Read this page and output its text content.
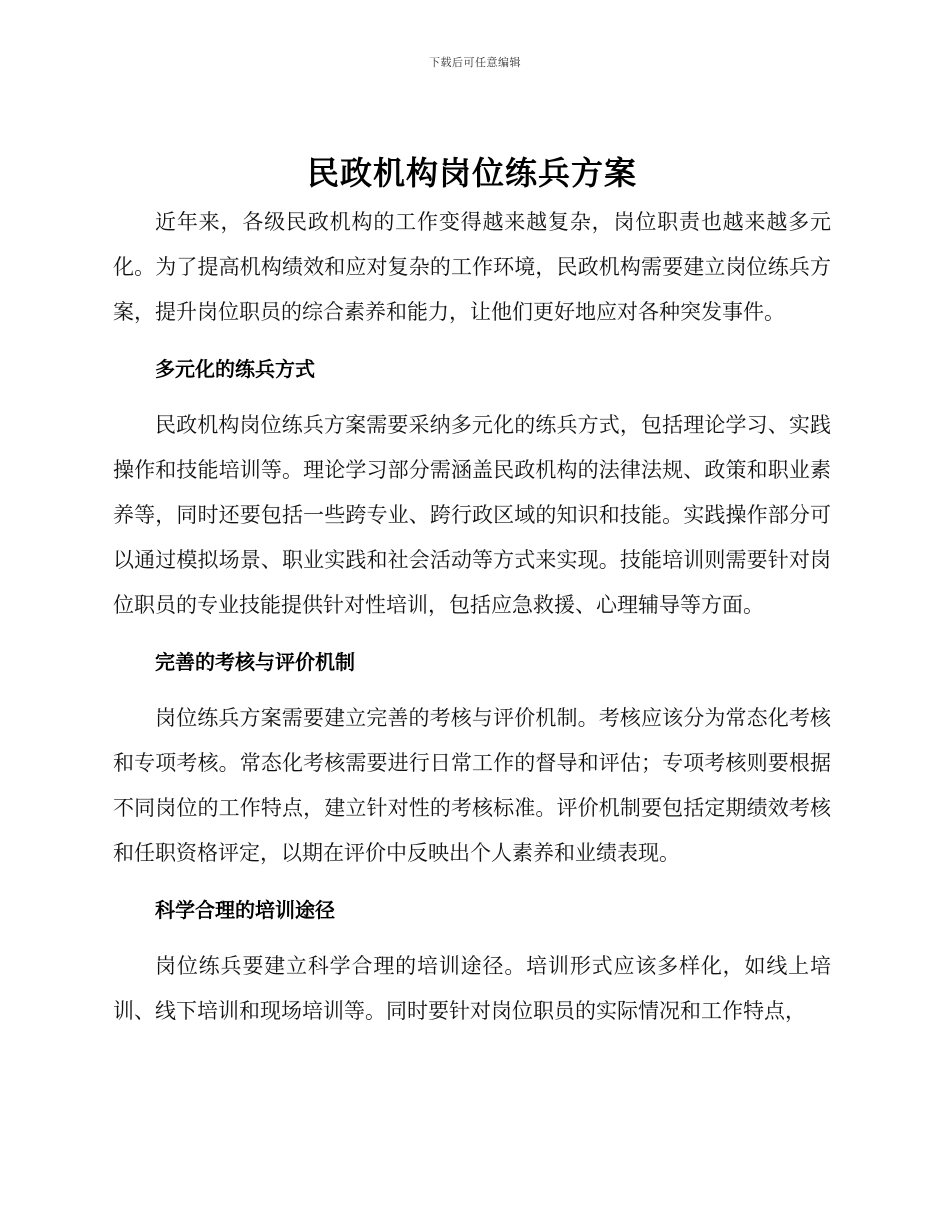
下载后可任意编辑
民政机构岗位练兵方案

近年来，各级民政机构的工作变得越来越复杂，岗位职责也越来越多元化。为了提高机构绩效和应对复杂的工作环境，民政机构需要建立岗位练兵方案，提升岗位职员的综合素养和能力，让他们更好地应对各种突发事件。

多元化的练兵方式

民政机构岗位练兵方案需要采纳多元化的练兵方式，包括理论学习、实践操作和技能培训等。理论学习部分需涵盖民政机构的法律法规、政策和职业素养等，同时还要包括一些跨专业、跨行政区域的知识和技能。实践操作部分可以通过模拟场景、职业实践和社会活动等方式来实现。技能培训则需要针对岗位职员的专业技能提供针对性培训，包括应急救援、心理辅导等方面。

完善的考核与评价机制

岗位练兵方案需要建立完善的考核与评价机制。考核应该分为常态化考核和专项考核。常态化考核需要进行日常工作的督导和评估；专项考核则要根据不同岗位的工作特点，建立针对性的考核标准。评价机制要包括定期绩效考核和任职资格评定，以期在评价中反映出个人素养和业绩表现。

科学合理的培训途径

岗位练兵要建立科学合理的培训途径。培训形式应该多样化，如线上培训、线下培训和现场培训等。同时要针对岗位职员的实际情况和工作特点，
